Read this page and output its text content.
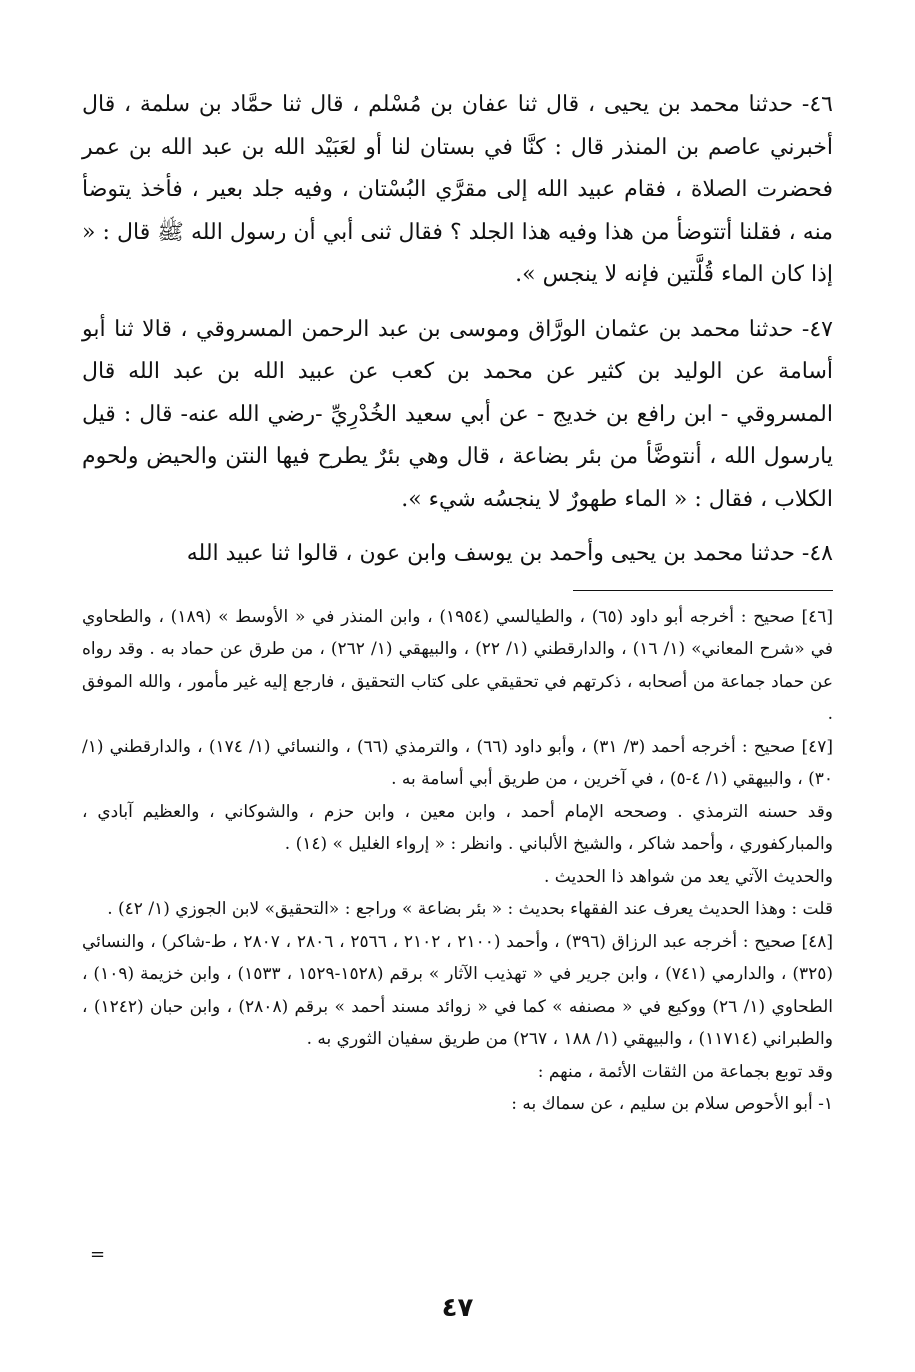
٤٦- حدثنا محمد بن يحيى ، قال ثنا عفان بن مُسْلم ، قال ثنا حمَّاد بن سلمة ، قال أخبرني عاصم بن المنذر قال : كنَّا في بستان لنا أو لعَبَيْد الله بن عبد الله بن عمر فحضرت الصلاة ، فقام عبيد الله إلى مقرَّي البُسْتان ، وفيه جلد بعير ، فأخذ يتوضأ منه ، فقلنا أتتوضأ من هذا وفيه هذا الجلد ؟ فقال ثنى أبي أن رسول الله ﷺ قال : « إذا كان الماء قُلَّتين فإنه لا ينجس ».

٤٧- حدثنا محمد بن عثمان الورَّاق وموسى بن عبد الرحمن المسروقي ، قالا ثنا أبو أسامة عن الوليد بن كثير عن محمد بن كعب عن عبيد الله بن عبد الله قال المسروقي - ابن رافع بن خديج - عن أبي سعيد الخُدْرِيِّ -رضي الله عنه- قال : قيل يارسول الله ، أنتوضَّأ من بئر بضاعة ، قال وهي بئرٌ يطرح فيها النتن والحيض ولحوم الكلاب ، فقال : « الماء طهورٌ لا ينجسُه شيء ».

٤٨- حدثنا محمد بن يحيى وأحمد بن يوسف وابن عون ، قالوا ثنا عبيد الله

[٤٦] صحيح : أخرجه أبو داود (٦٥) ، والطيالسي (١٩٥٤) ، وابن المنذر في « الأوسط » (١٨٩) ، والطحاوي في «شرح المعاني» (١/ ١٦) ، والدارقطني (١/ ٢٢) ، والبيهقي (١/ ٢٦٢) ، من طرق عن حماد به . وقد رواه عن حماد جماعة من أصحابه ، ذكرتهم في تحقيقي على كتاب التحقيق ، فارجع إليه غير مأمور ، والله الموفق .

[٤٧] صحيح : أخرجه أحمد (٣/ ٣١) ، وأبو داود (٦٦) ، والترمذي (٦٦) ، والنسائي (١/ ١٧٤) ، والدارقطني (١/ ٣٠) ، والبيهقي (١/ ٤-٥) ، في آخرين ، من طريق أبي أسامة به .

وقد حسنه الترمذي . وصححه الإمام أحمد ، وابن معين ، وابن حزم ، والشوكاني ، والعظيم آبادي ، والمباركفوري ، وأحمد شاكر ، والشيخ الألباني . وانظر : « إرواء الغليل » (١٤) .

والحديث الآتي يعد من شواهد ذا الحديث .

قلت : وهذا الحديث يعرف عند الفقهاء بحديث : « بئر بضاعة » وراجع : «التحقيق» لابن الجوزي (١/ ٤٢) .

[٤٨] صحيح : أخرجه عبد الرزاق (٣٩٦) ، وأحمد (٢١٠٠ ، ٢١٠٢ ، ٢٥٦٦ ، ٢٨٠٦ ، ٢٨٠٧ ، ط-شاكر) ، والنسائي (٣٢٥) ، والدارمي (٧٤١) ، وابن جرير في « تهذيب الآثار » برقم (١٥٢٨-١٥٢٩ ، ١٥٣٣) ، وابن خزيمة (١٠٩) ، الطحاوي (١/ ٢٦) ووكيع في « مصنفه » كما في « زوائد مسند أحمد » برقم (٢٨٠٨) ، وابن حبان (١٢٤٢) ، والطبراني (١١٧١٤) ، والبيهقي (١/ ١٨٨ ، ٢٦٧) من طريق سفيان الثوري به .

وقد توبع بجماعة من الثقات الأئمة ، منهم :

١- أبو الأحوص سلام بن سليم ، عن سماك به :

=
٤٧
